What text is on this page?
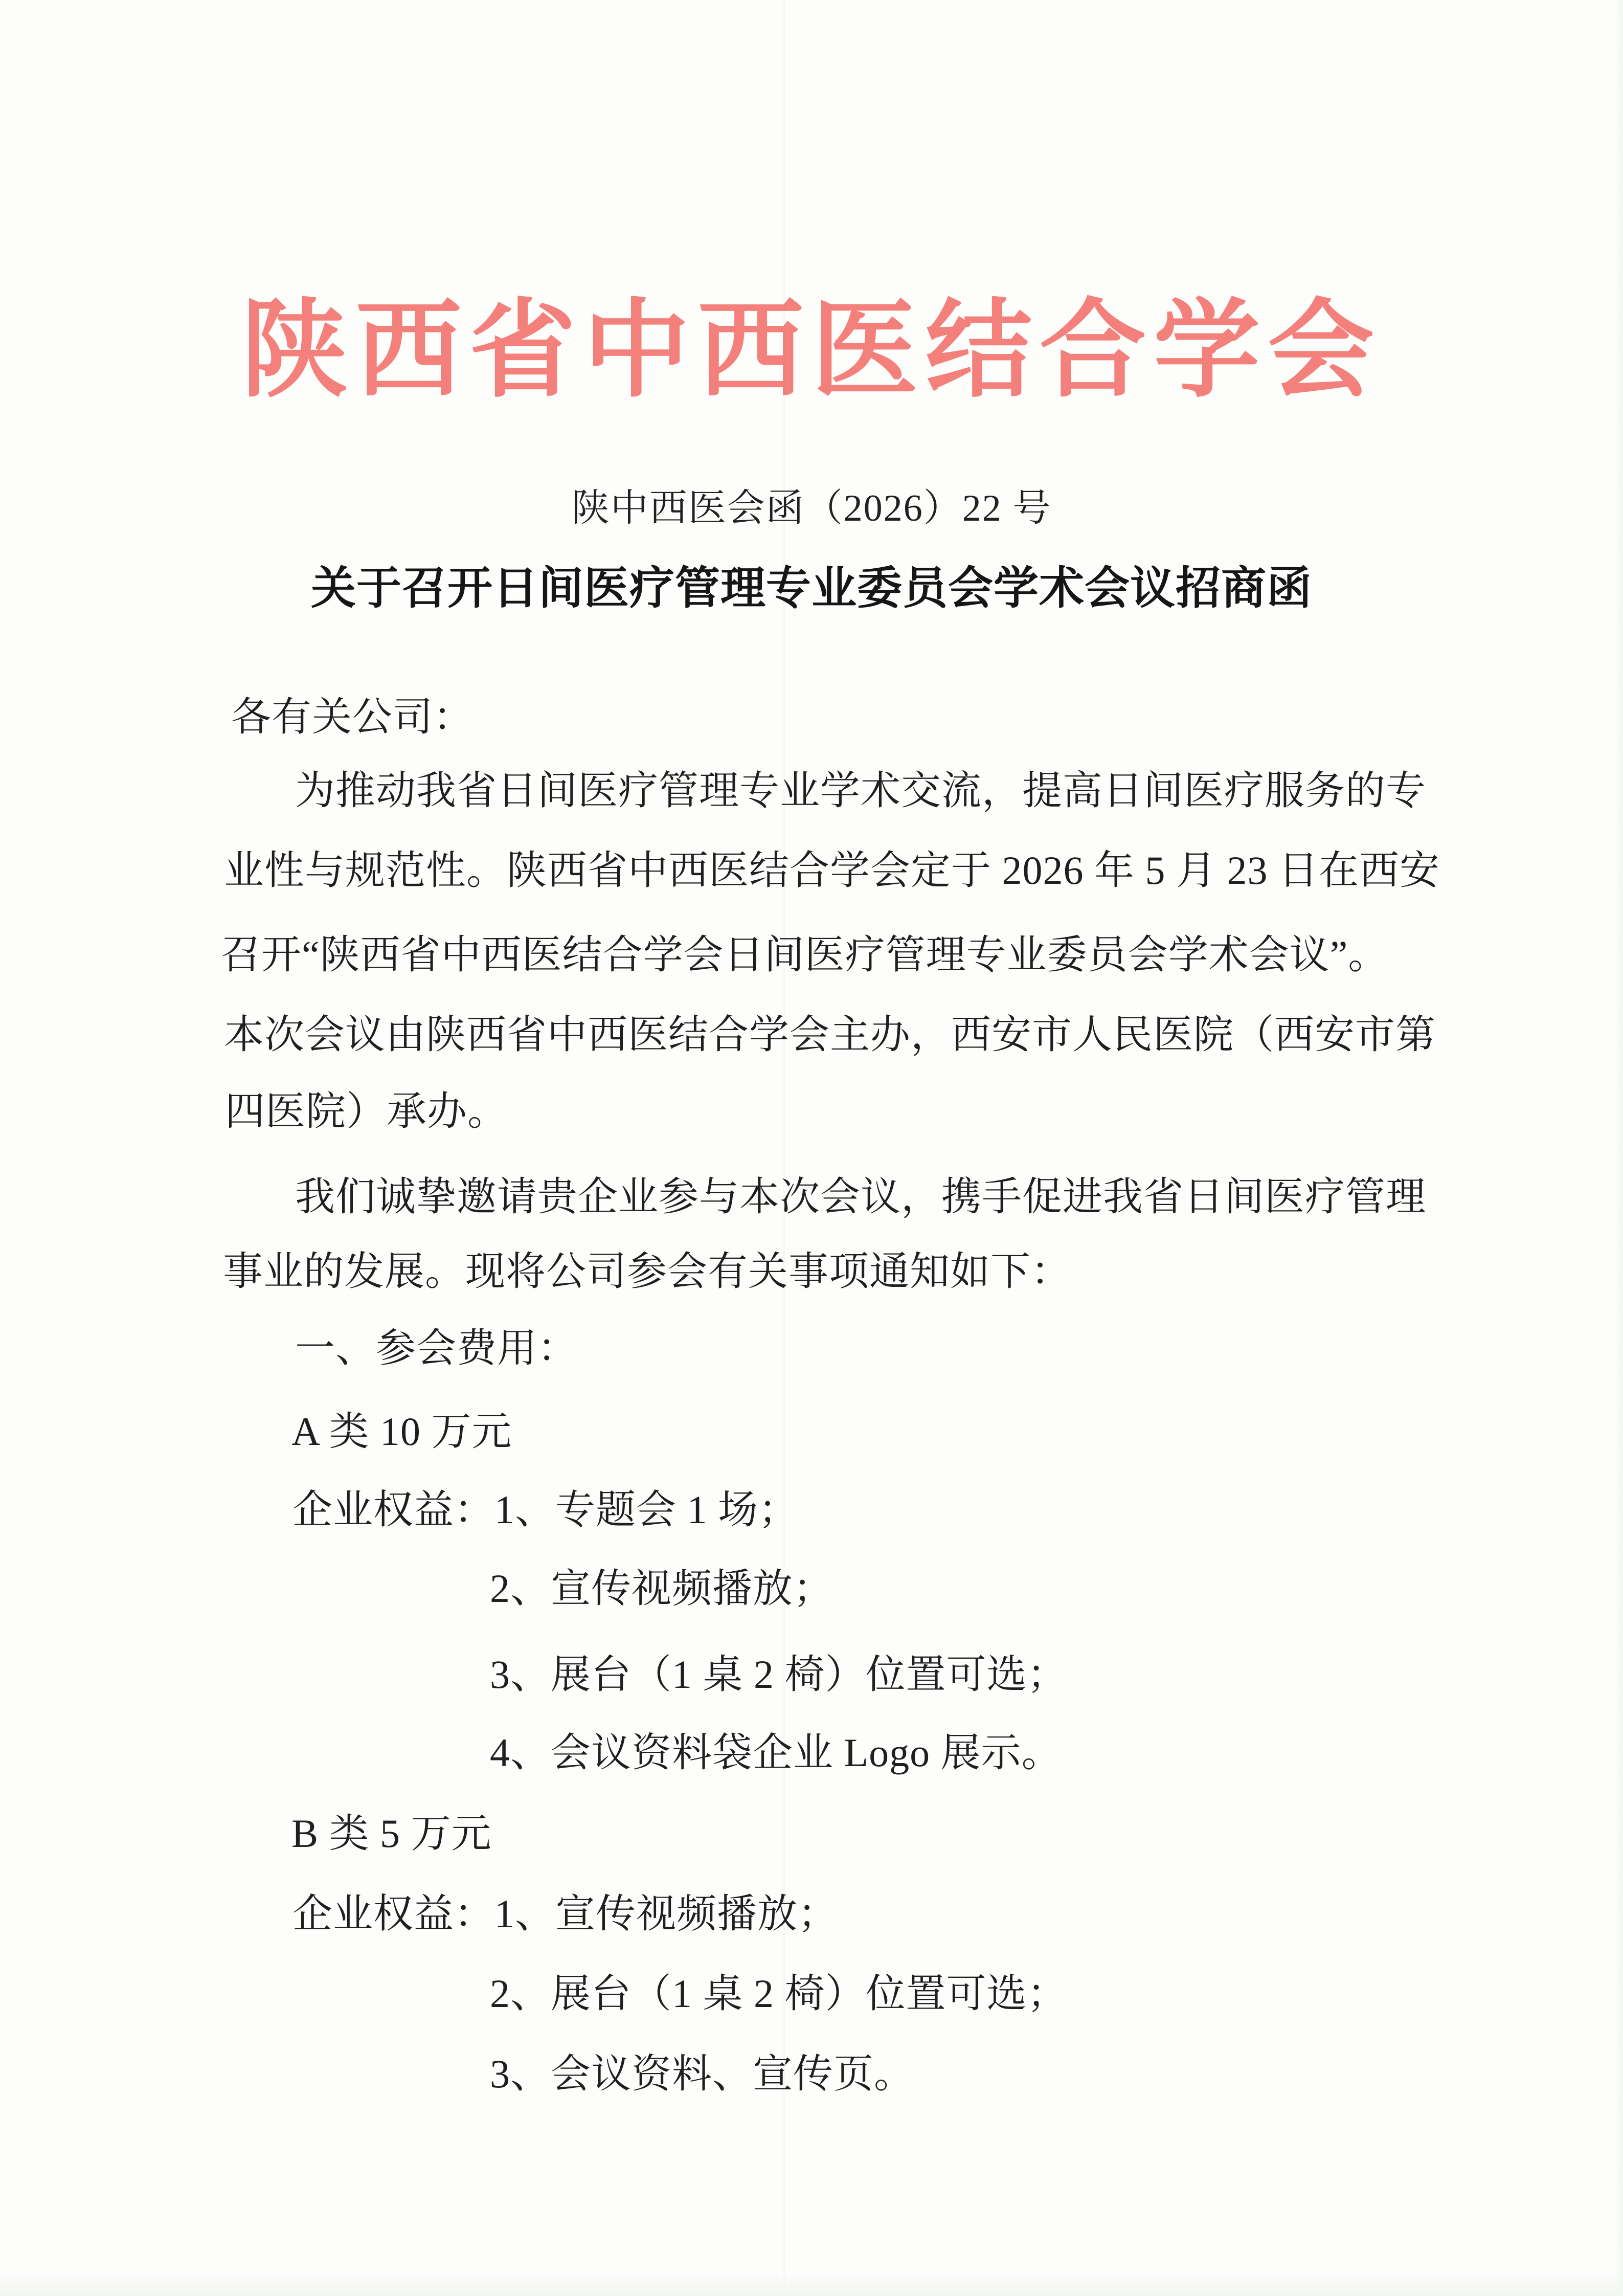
陕西省中西医结合学会
陕中西医会函（2026）22 号
关于召开日间医疗管理专业委员会学术会议招商函
各有关公司：
为推动我省日间医疗管理专业学术交流，提高日间医疗服务的专
业性与规范性。陕西省中西医结合学会定于 2026 年 5 月 23 日在西安
召开“陕西省中西医结合学会日间医疗管理专业委员会学术会议”。
本次会议由陕西省中西医结合学会主办，西安市人民医院（西安市第
四医院）承办。
我们诚挚邀请贵企业参与本次会议，携手促进我省日间医疗管理
事业的发展。现将公司参会有关事项通知如下：
一、参会费用：
A 类 10 万元
企业权益：1、专题会 1 场；
2、宣传视频播放；
3、展台（1 桌 2 椅）位置可选；
4、会议资料袋企业 Logo 展示。
B 类 5 万元
企业权益：1、宣传视频播放；
2、展台（1 桌 2 椅）位置可选；
3、会议资料、宣传页。
